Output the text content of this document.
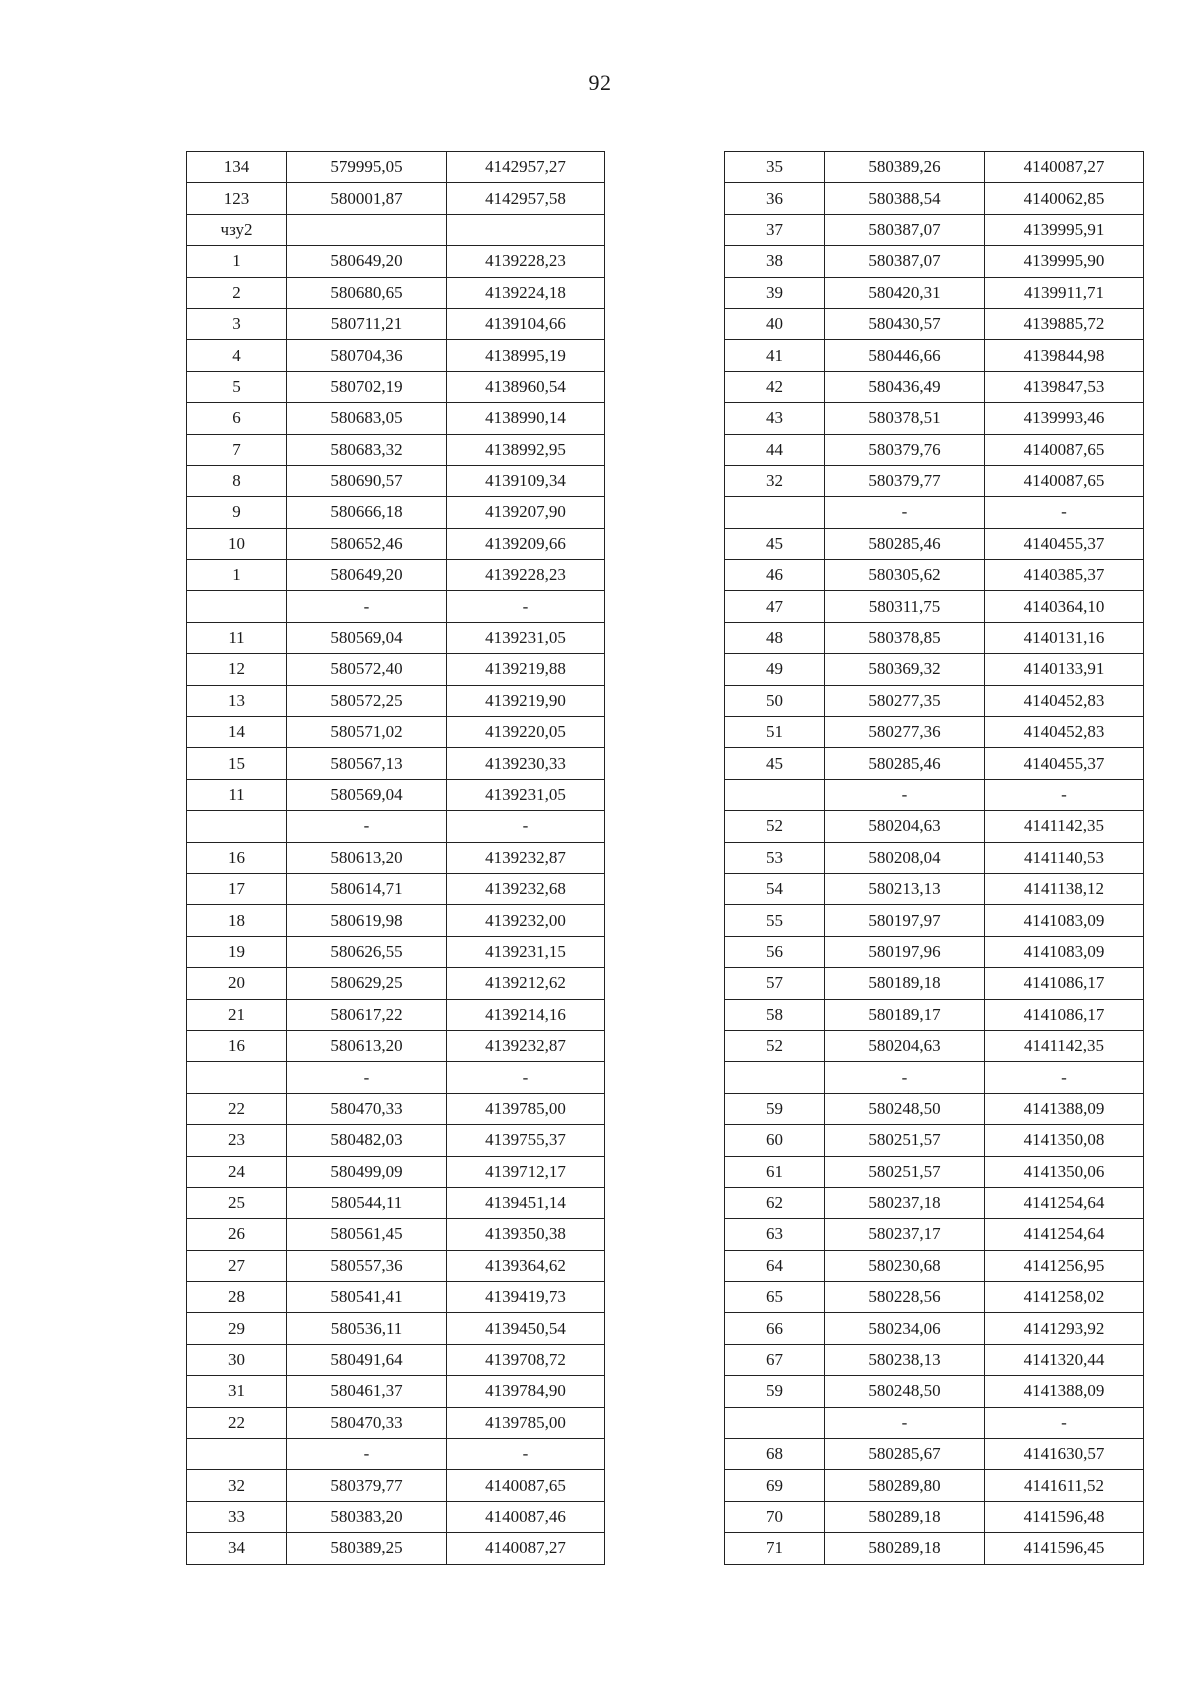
92
134	579995,05	4142957,27
123	580001,87	4142957,58
чзу2		
1	580649,20	4139228,23
2	580680,65	4139224,18
3	580711,21	4139104,66
4	580704,36	4138995,19
5	580702,19	4138960,54
6	580683,05	4138990,14
7	580683,32	4138992,95
8	580690,57	4139109,34
9	580666,18	4139207,90
10	580652,46	4139209,66
1	580649,20	4139228,23
	-	-
11	580569,04	4139231,05
12	580572,40	4139219,88
13	580572,25	4139219,90
14	580571,02	4139220,05
15	580567,13	4139230,33
11	580569,04	4139231,05
	-	-
16	580613,20	4139232,87
17	580614,71	4139232,68
18	580619,98	4139232,00
19	580626,55	4139231,15
20	580629,25	4139212,62
21	580617,22	4139214,16
16	580613,20	4139232,87
	-	-
22	580470,33	4139785,00
23	580482,03	4139755,37
24	580499,09	4139712,17
25	580544,11	4139451,14
26	580561,45	4139350,38
27	580557,36	4139364,62
28	580541,41	4139419,73
29	580536,11	4139450,54
30	580491,64	4139708,72
31	580461,37	4139784,90
22	580470,33	4139785,00
	-	-
32	580379,77	4140087,65
33	580383,20	4140087,46
34	580389,25	4140087,27
35	580389,26	4140087,27
36	580388,54	4140062,85
37	580387,07	4139995,91
38	580387,07	4139995,90
39	580420,31	4139911,71
40	580430,57	4139885,72
41	580446,66	4139844,98
42	580436,49	4139847,53
43	580378,51	4139993,46
44	580379,76	4140087,65
32	580379,77	4140087,65
	-	-
45	580285,46	4140455,37
46	580305,62	4140385,37
47	580311,75	4140364,10
48	580378,85	4140131,16
49	580369,32	4140133,91
50	580277,35	4140452,83
51	580277,36	4140452,83
45	580285,46	4140455,37
	-	-
52	580204,63	4141142,35
53	580208,04	4141140,53
54	580213,13	4141138,12
55	580197,97	4141083,09
56	580197,96	4141083,09
57	580189,18	4141086,17
58	580189,17	4141086,17
52	580204,63	4141142,35
	-	-
59	580248,50	4141388,09
60	580251,57	4141350,08
61	580251,57	4141350,06
62	580237,18	4141254,64
63	580237,17	4141254,64
64	580230,68	4141256,95
65	580228,56	4141258,02
66	580234,06	4141293,92
67	580238,13	4141320,44
59	580248,50	4141388,09
	-	-
68	580285,67	4141630,57
69	580289,80	4141611,52
70	580289,18	4141596,48
71	580289,18	4141596,45
